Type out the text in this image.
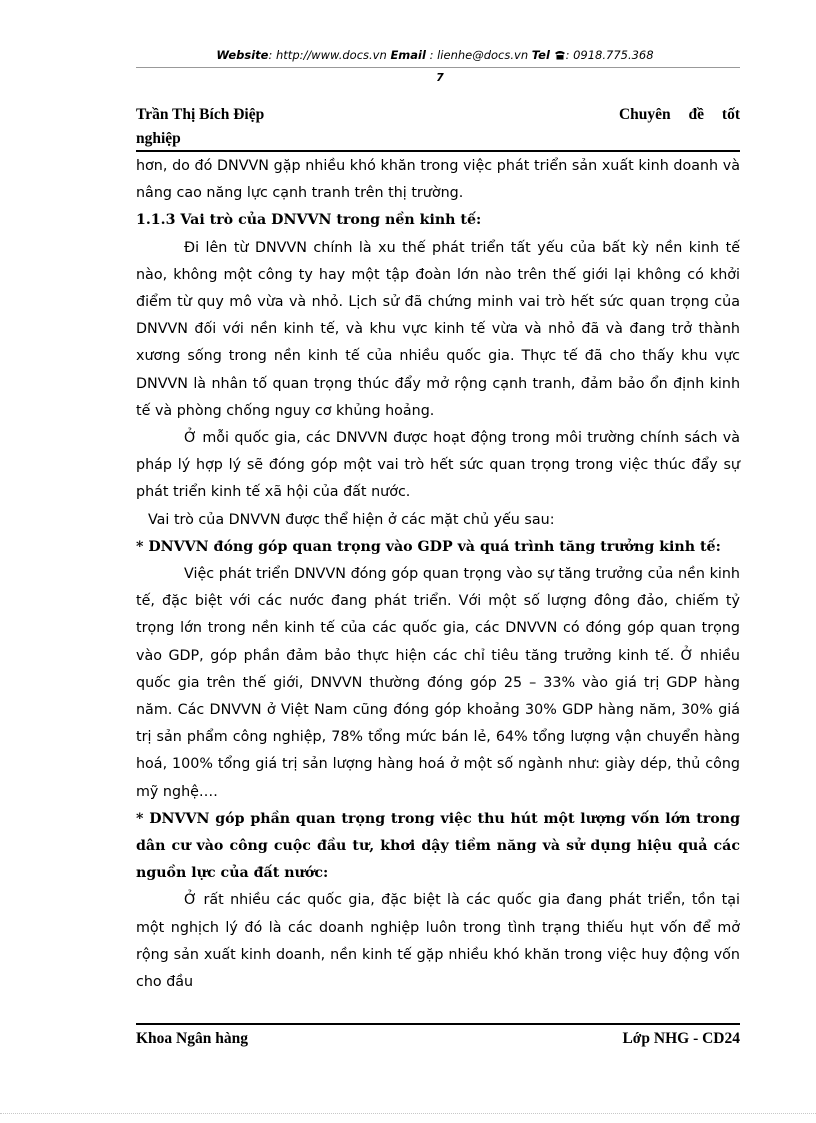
Website: http://www.docs.vn Email : lienhe@docs.vn Tel : 0918.775.368
7
Trần Thị Bích Điệp	Chuyên đề tốt
nghiệp

hơn, do đó DNVVN gặp nhiều khó khăn trong việc phát triển sản xuất kinh doanh và nâng cao năng lực cạnh tranh trên thị trường.

1.1.3 Vai trò của DNVVN trong nền kinh tế:

Đi lên từ DNVVN chính là xu thế phát triển tất yếu của bất kỳ nền kinh tế nào, không một công ty hay một tập đoàn lớn nào trên thế giới lại không có khởi điểm từ quy mô vừa và nhỏ. Lịch sử đã chứng minh vai trò hết sức quan trọng của DNVVN đối với nền kinh tế, và khu vực kinh tế vừa và nhỏ đã và đang trở thành xương sống trong nền kinh tế của nhiều quốc gia. Thực tế đã cho thấy khu vực DNVVN là nhân tố quan trọng thúc đẩy mở rộng cạnh tranh, đảm bảo ổn định kinh tế và phòng chống nguy cơ khủng hoảng.

Ở mỗi quốc gia, các DNVVN được hoạt động trong môi trường chính sách và pháp lý hợp lý sẽ đóng góp một vai trò hết sức quan trọng trong việc thúc đẩy sự phát triển kinh tế xã hội của đất nước.

Vai trò của DNVVN được thể hiện ở các mặt chủ yếu sau:

* DNVVN đóng góp quan trọng vào GDP và quá trình tăng trưởng kinh tế:

Việc phát triển DNVVN đóng góp quan trọng vào sự tăng trưởng của nền kinh tế, đặc biệt với các nước đang phát triển. Với một số lượng đông đảo, chiếm tỷ trọng lớn trong nền kinh tế của các quốc gia, các DNVVN có đóng góp quan trọng vào GDP, góp phần đảm bảo thực hiện các chỉ tiêu tăng trưởng kinh tế. Ở nhiều quốc gia trên thế giới, DNVVN thường đóng góp 25 – 33% vào giá trị GDP hàng năm. Các DNVVN ở Việt Nam cũng đóng góp khoảng 30% GDP hàng năm, 30% giá trị sản phẩm công nghiệp, 78% tổng mức bán lẻ, 64% tổng lượng vận chuyển hàng hoá, 100% tổng giá trị sản lượng hàng hoá ở một số ngành như: giày dép, thủ công mỹ nghệ….

* DNVVN góp phần quan trọng trong việc thu hút một lượng vốn lớn trong dân cư vào công cuộc đầu tư, khơi dậy tiềm năng và sử dụng hiệu quả các nguồn lực của đất nước:

Ở rất nhiều các quốc gia, đặc biệt là các quốc gia đang phát triển, tồn tại một nghịch lý đó là các doanh nghiệp luôn trong tình trạng thiếu hụt vốn để mở rộng sản xuất kinh doanh, nền kinh tế gặp nhiều khó khăn trong việc huy động vốn cho đầu

Khoa Ngân hàng	Lớp NHG - CD24
